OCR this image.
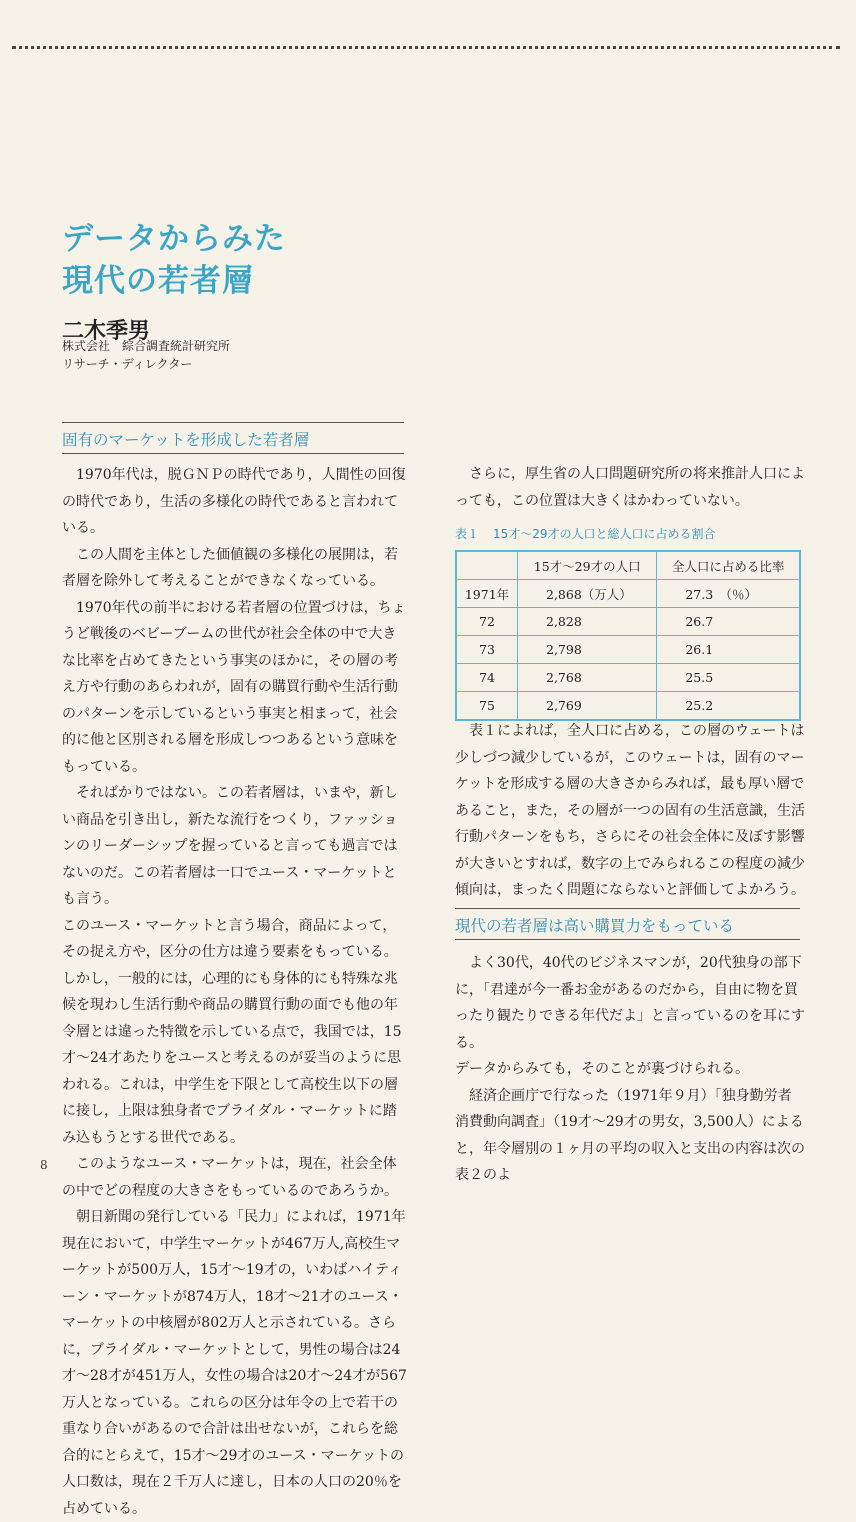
データからみた
現代の若者層
二木季男
株式会社　綜合調査統計研究所
リサーチ・ディレクター
固有のマーケットを形成した若者層

1970年代は，脱ＧＮＰの時代であり，人間性の回復の時代であり，生活の多様化の時代であると言われている。

この人間を主体とした価値観の多様化の展開は，若者層を除外して考えることができなくなっている。

1970年代の前半における若者層の位置づけは，ちょうど戦後のベビーブームの世代が社会全体の中で大きな比率を占めてきたという事実のほかに，その層の考え方や行動のあらわれが，固有の購買行動や生活行動のパターンを示しているという事実と相まって，社会的に他と区別される層を形成しつつあるという意味をもっている。

そればかりではない。この若者層は，いまや，新しい商品を引き出し，新たな流行をつくり，ファッションのリーダーシップを握っていると言っても過言ではないのだ。この若者層は一口でユース・マーケットとも言う。

このユース・マーケットと言う場合，商品によって，その捉え方や，区分の仕方は違う要素をもっている。しかし，一般的には，心理的にも身体的にも特殊な兆候を現わし生活行動や商品の購買行動の面でも他の年令層とは違った特徴を示している点で，我国では，15才～24才あたりをユースと考えるのが妥当のように思われる。これは，中学生を下限として高校生以下の層に接し，上限は独身者でブライダル・マーケットに踏み込もうとする世代である。

このようなユース・マーケットは，現在，社会全体の中でどの程度の大きさをもっているのであろうか。

朝日新聞の発行している「民力」によれば，1971年現在において，中学生マーケットが467万人,高校生マーケットが500万人，15才～19才の，いわばハイティーン・マーケットが874万人，18才～21才のユース・マーケットの中核層が802万人と示されている。さらに，ブライダル・マーケットとして，男性の場合は24才～28才が451万人，女性の場合は20才～24才が567万人となっている。これらの区分は年令の上で若干の重なり合いがあるので合計は出せないが，これらを総合的にとらえて，15才～29才のユース・マーケットの人口数は，現在２千万人に達し，日本の人口の20％を占めている。

さらに，厚生省の人口問題研究所の将来推計人口によっても，この位置は大きくはかわっていない。

表１ 15才～29才の人口と総人口に占める割合
	15才～29才の人口	全人口に占める比率
1971年	2,868（万人）	27.3　（％）
72	2,828	26.7
73	2,798	26.1
74	2,768	25.5
75	2,769	25.2

表１によれば，全人口に占める，この層のウェートは少しづつ減少しているが，このウェートは，固有のマーケットを形成する層の大きさからみれば，最も厚い層であること，また，その層が一つの固有の生活意識，生活行動パターンをもち，さらにその社会全体に及ぼす影響が大きいとすれば，数字の上でみられるこの程度の減少傾向は，まったく問題にならないと評価してよかろう。

現代の若者層は高い購買力をもっている

よく30代，40代のビジネスマンが，20代独身の部下に，「君達が今一番お金があるのだから，自由に物を買ったり観たりできる年代だよ」と言っているのを耳にする。

データからみても，そのことが裏づけられる。

経済企画庁で行なった（1971年９月）「独身勤労者消費動向調査」（19才～29才の男女，3,500人）によると，年令層別の１ヶ月の平均の収入と支出の内容は次の表２のよ

8
